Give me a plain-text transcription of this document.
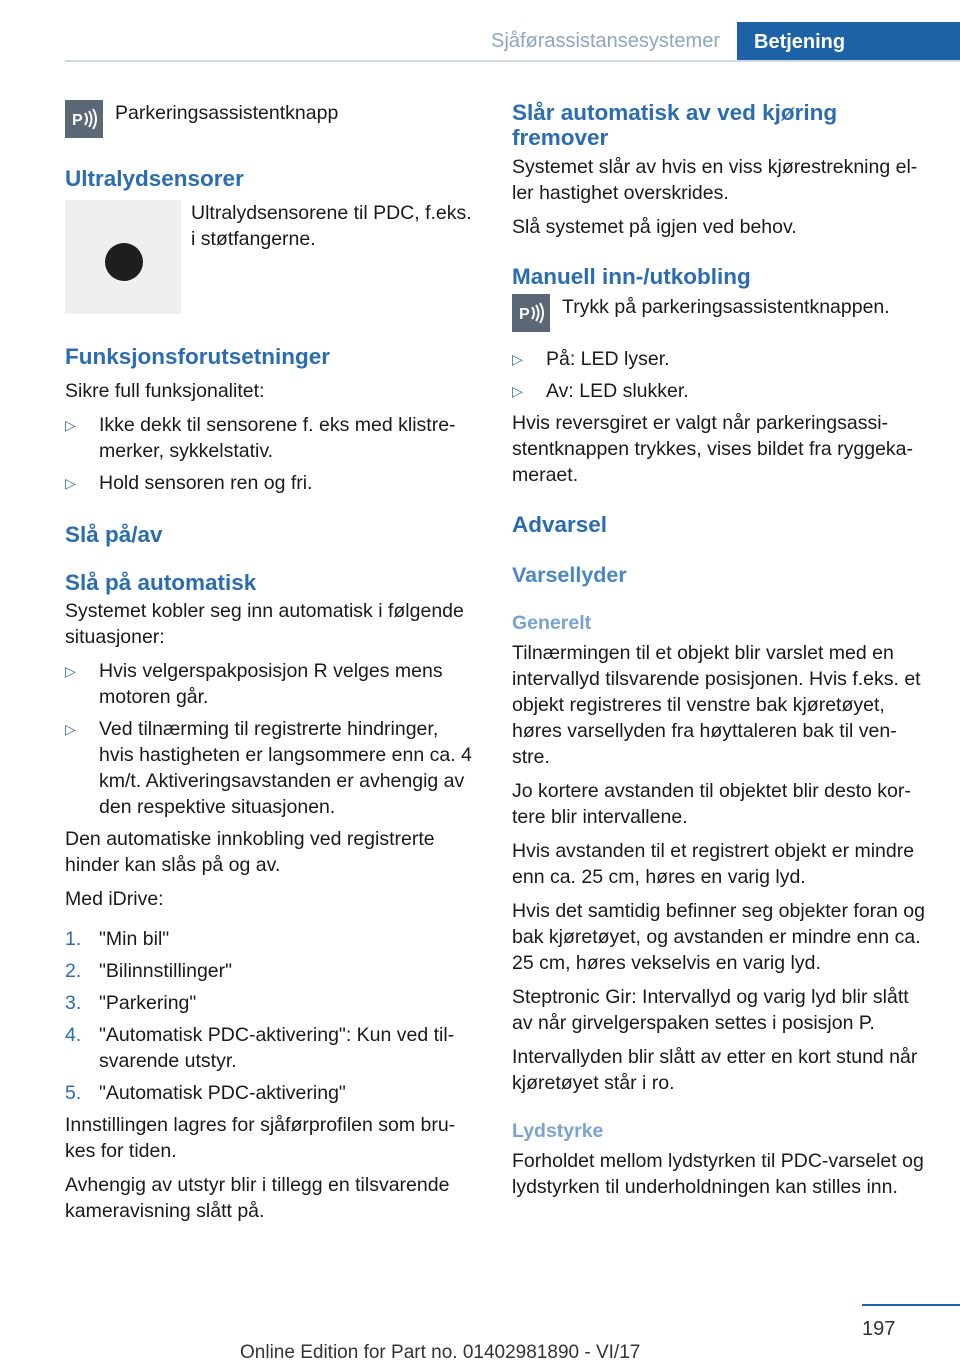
Sjåførassistansesystemer Betjening
P Parkeringsassistentknapp
Ultralydsensorer
Ultralydsensorene til PDC, f.eks. i støtfangerne.
Funksjonsforutsetninger

Sikre full funksjonalitet:

▷ Ikke dekk til sensorene f. eks med klistre-merker, sykkelstativ.
▷ Hold sensoren ren og fri.
Slå på/av
Slå på automatisk

Systemet kobler seg inn automatisk i følgende situasjoner:

▷ Hvis velgerspakposisjon R velges mens motoren går.
▷ Ved tilnærming til registrerte hindringer, hvis hastigheten er langsommere enn ca. 4 km/t. Aktiveringsavstanden er avhengig av den respektive situasjonen.

Den automatiske innkobling ved registrerte hinder kan slås på og av.

Med iDrive:

1. "Min bil"
2. "Bilinnstillinger"
3. "Parkering"
4. "Automatisk PDC-aktivering": Kun ved til-svarende utstyr.
5. "Automatisk PDC-aktivering"

Innstillingen lagres for sjåførprofilen som bru-kes for tiden.

Avhengig av utstyr blir i tillegg en tilsvarende kameravisning slått på.

Slår automatisk av ved kjøring fremover

Systemet slår av hvis en viss kjørestrekning el-ler hastighet overskrides.

Slå systemet på igjen ved behov.

Manuell inn-/utkobling
P Trykk på parkeringsassistentknappen.
▷ På: LED lyser.
▷ Av: LED slukker.

Hvis reversgiret er valgt når parkeringsassi-stentknappen trykkes, vises bildet fra ryggeka-meraet.

Advarsel
Varsellyder
Generelt

Tilnærmingen til et objekt blir varslet med en intervallyd tilsvarende posisjonen. Hvis f.eks. et objekt registreres til venstre bak kjøretøyet, høres varsellyden fra høyttaleren bak til ven-stre.

Jo kortere avstanden til objektet blir desto kor-tere blir intervallene.

Hvis avstanden til et registrert objekt er mindre enn ca. 25 cm, høres en varig lyd.

Hvis det samtidig befinner seg objekter foran og bak kjøretøyet, og avstanden er mindre enn ca. 25 cm, høres vekselvis en varig lyd.

Steptronic Gir: Intervallyd og varig lyd blir slått av når girvelgerspaken settes i posisjon P.

Intervallyden blir slått av etter en kort stund når kjøretøyet står i ro.

Lydstyrke

Forholdet mellom lydstyrken til PDC-varselet og lydstyrken til underholdningen kan stilles inn.

197
Online Edition for Part no. 01402981890 - VI/17
